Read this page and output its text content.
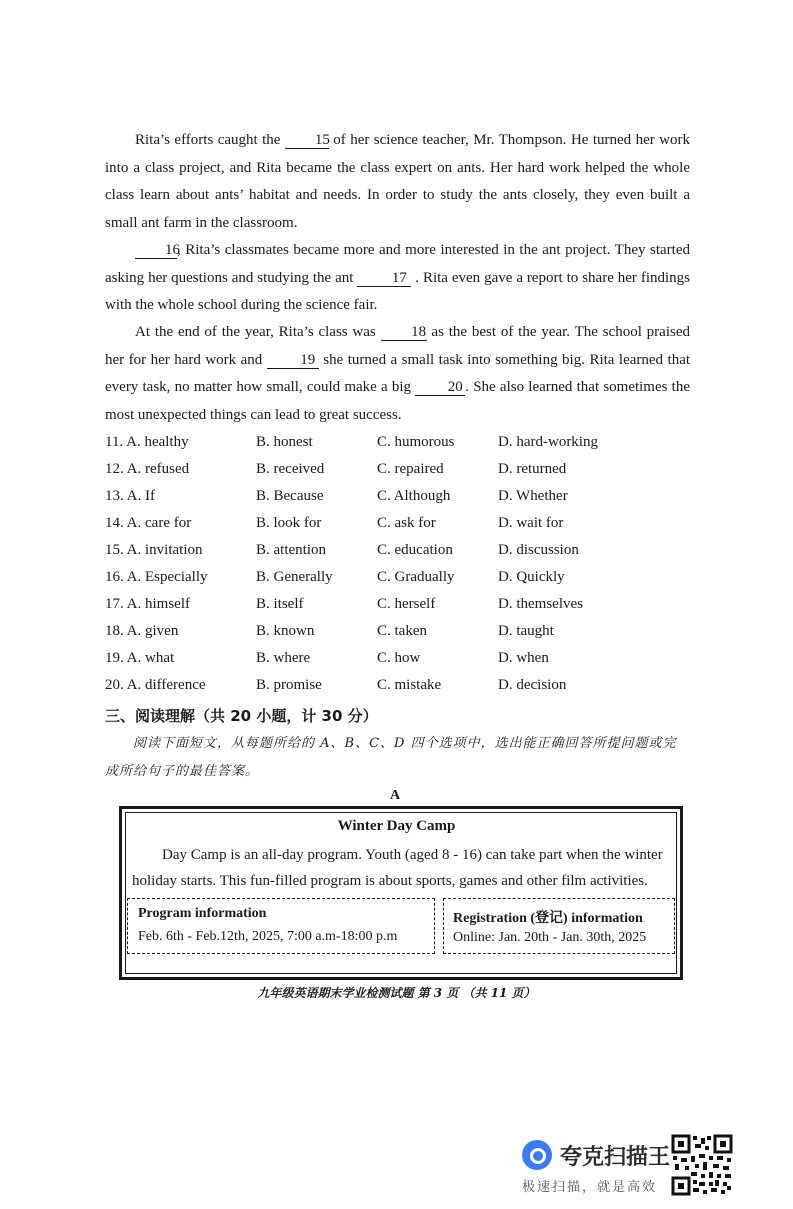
Rita’s efforts caught the 15 of her science teacher, Mr. Thompson. He turned her work into a class project, and Rita became the class expert on ants. Her hard work helped the whole class learn about ants’ habitat and needs. In order to study the ants closely, they even built a small ant farm in the classroom.
16, Rita’s classmates became more and more interested in the ant project. They started asking her questions and studying the ant	17 . Rita even gave a report to share her findings with the whole school during the science fair.
At the end of the year, Rita’s class was 18 as the best of the year. The school praised her for her hard work and	19 she turned a small task into something big. Rita learned that every task, no matter how small, could make a big 20 . She also learned that sometimes the most unexpected things can lead to great success.
11. A. healthy	B. honest	C. humorous	D. hard-working
12. A. refused	B. received	C. repaired	D. returned
13. A. If	B. Because	C. Although	D. Whether
14. A. care for	B. look for	C. ask for	D. wait for
15. A. invitation	B. attention	C. education	D. discussion
16. A. Especially	B. Generally	C. Gradually	D. Quickly
17. A. himself	B. itself	C. herself	D. themselves
18. A. given	B. known	C. taken	D. taught
19. A. what	B. where	C. how	D. when
20. A. difference	B. promise	C. mistake	D. decision
三、阅读理解（共 20 小题，计 30 分）
阅读下面短文，从每题所给的 A、B、C、D 四个选项中，选出能正确回答所提问题或完成所给句子的最佳答案。
A
Winter Day Camp
Day Camp is an all-day program. Youth (aged 8 - 16) can take part when the winter holiday starts. This fun-filled program is about sports, games and other film activities.
Program information
Feb. 6th - Feb.12th, 2025, 7:00 a.m-18:00 p.m
Registration (登记) information
Online: Jan. 20th - Jan. 30th, 2025
九年级英语期末学业检测试题 第 3 页 （共 11 页）
夸克扫描王
极速扫描，就是高效
